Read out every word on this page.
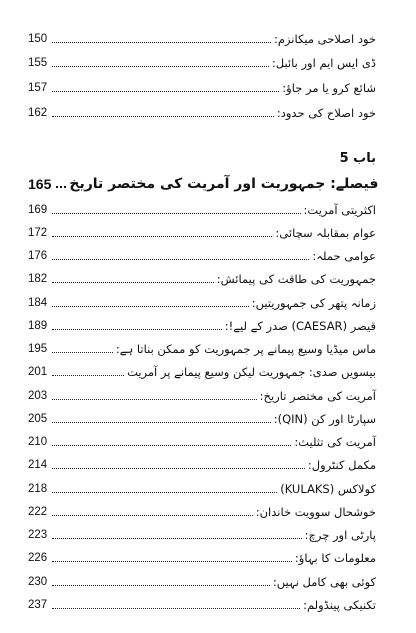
150	خود اصلاحی میکانزم:
155	ڈی ایس ایم اور بائبل:
157	شائع کرو یا مر جاؤ:
162	خود اصلاح کی حدود:
باب 5
165 فیصلے: جمہوریت اور آمریت کی مختصر تاریخ
169	اکثریتی آمریت:
172	عوام بمقابلہ سچائی:
176	عوامی حملہ:
182	جمہوریت کی طاقت کی پیمائش:
184	زمانہ پتھر کی جمہوریتیں:
189	قیصر (CAESAR) صدر کے لیے!:
195	ماس میڈیا وسیع پیمانے پر جمہوریت کو ممکن بناتا ہے:
201	بیسویں صدی: جمہوریت لیکن وسیع پیمانے پر آمریت
203	آمریت کی مختصر تاریخ:
205	سپارٹا اور کن (QIN):
210	آمریت کی تثلیث:
214	مکمل کنٹرول:
218	کولاکس (KULAKS)
222	خوشحال سوویت خاندان:
223	پارٹی اور چرچ:
226	معلومات کا بہاؤ:
230	کوئی بھی کامل نہیں:
237	تکنیکی پینڈولم:
